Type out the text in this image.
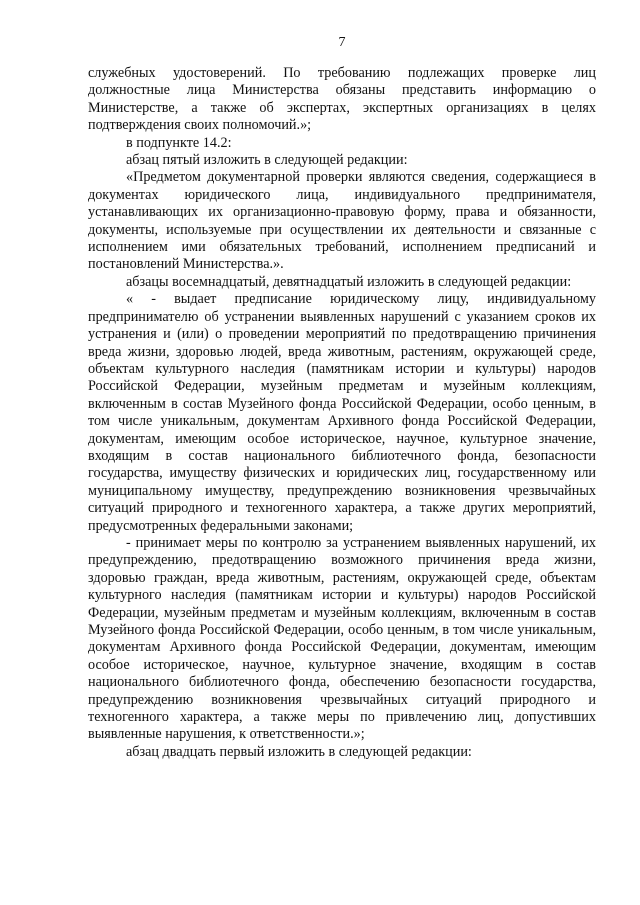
7

служебных удостоверений. По требованию подлежащих проверке лиц должностные лица Министерства обязаны представить информацию о Министерстве, а также об экспертах, экспертных организациях в целях подтверждения своих полномочий.»;

в подпункте 14.2:

абзац пятый изложить в следующей редакции:

«Предметом документарной проверки являются сведения, содержащиеся в документах юридического лица, индивидуального предпринимателя, устанавливающих их организационно-правовую форму, права и обязанности, документы, используемые при осуществлении их деятельности и связанные с исполнением ими обязательных требований, исполнением предписаний и постановлений Министерства.».

абзацы восемнадцатый, девятнадцатый изложить в следующей редакции:

« - выдает предписание юридическому лицу, индивидуальному предпринимателю об устранении выявленных нарушений с указанием сроков их устранения и (или) о проведении мероприятий по предотвращению причинения вреда жизни, здоровью людей, вреда животным, растениям, окружающей среде, объектам культурного наследия (памятникам истории и культуры) народов Российской Федерации, музейным предметам и музейным коллекциям, включенным в состав Музейного фонда Российской Федерации, особо ценным, в том числе уникальным, документам Архивного фонда Российской Федерации, документам, имеющим особое историческое, научное, культурное значение, входящим в состав национального библиотечного фонда, безопасности государства, имуществу физических и юридических лиц, государственному или муниципальному имуществу, предупреждению возникновения чрезвычайных ситуаций природного и техногенного характера, а также других мероприятий, предусмотренных федеральными законами;

- принимает меры по контролю за устранением выявленных нарушений, их предупреждению, предотвращению возможного причинения вреда жизни, здоровью граждан, вреда животным, растениям, окружающей среде, объектам культурного наследия (памятникам истории и культуры) народов Российской Федерации, музейным предметам и музейным коллекциям, включенным в состав Музейного фонда Российской Федерации, особо ценным, в том числе уникальным, документам Архивного фонда Российской Федерации, документам, имеющим особое историческое, научное, культурное значение, входящим в состав национального библиотечного фонда, обеспечению безопасности государства, предупреждению возникновения чрезвычайных ситуаций природного и техногенного характера, а также меры по привлечению лиц, допустивших выявленные нарушения, к ответственности.»;

абзац двадцать первый изложить в следующей редакции:
